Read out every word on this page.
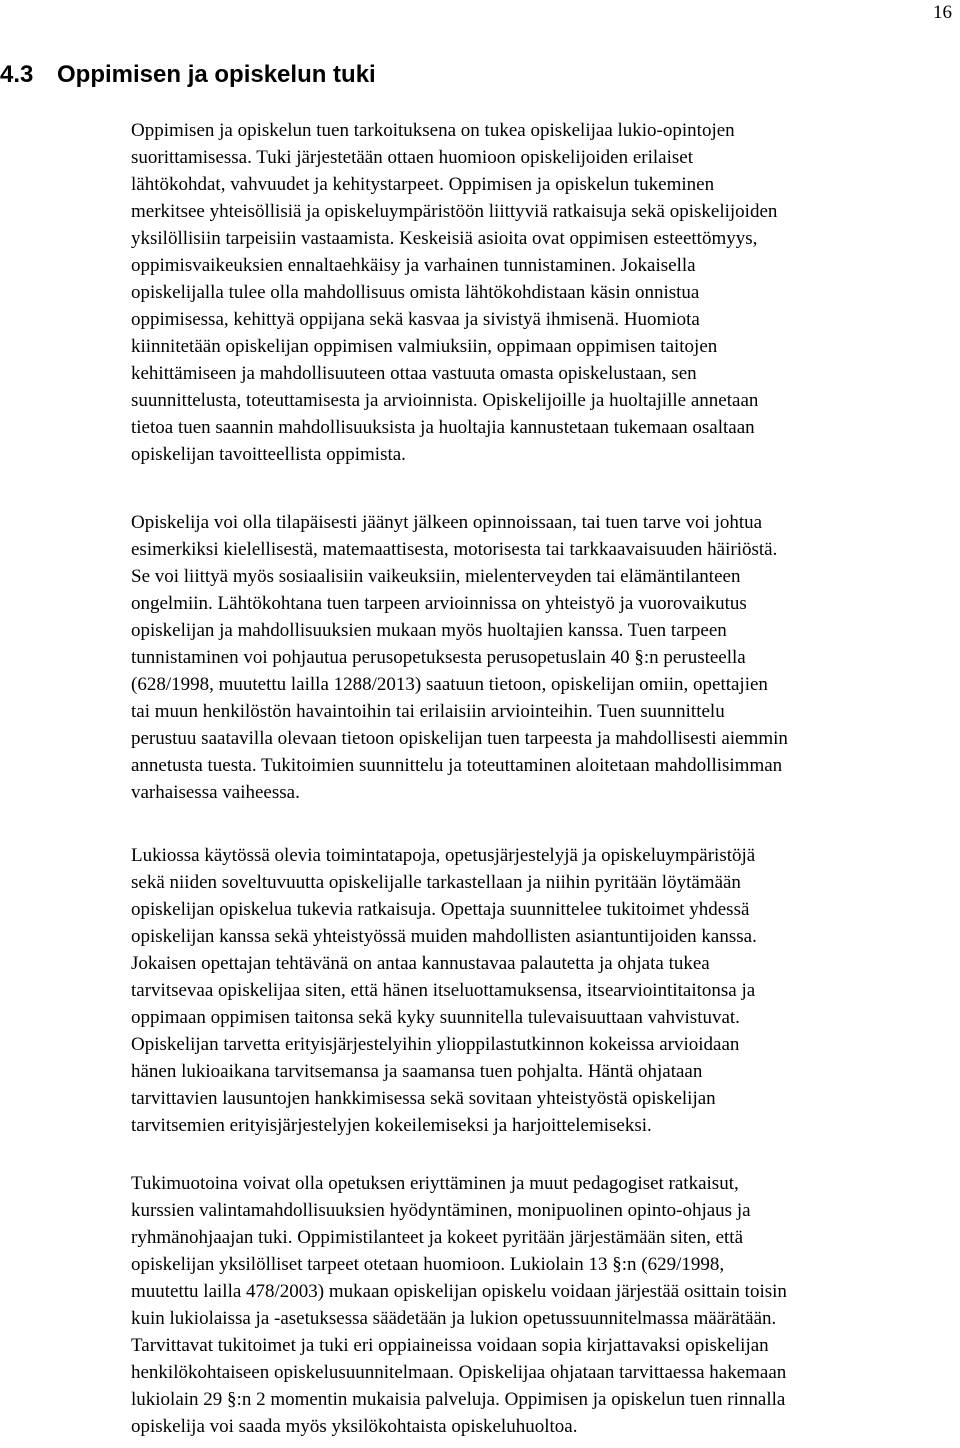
16
4.3 Oppimisen ja opiskelun tuki

Oppimisen ja opiskelun tuen tarkoituksena on tukea opiskelijaa lukio-opintojen

suorittamisessa. Tuki järjestetään ottaen huomioon opiskelijoiden erilaiset

lähtökohdat, vahvuudet ja kehitystarpeet. Oppimisen ja opiskelun tukeminen

merkitsee yhteisöllisiä ja opiskeluympäristöön liittyviä ratkaisuja sekä opiskelijoiden

yksilöllisiin tarpeisiin vastaamista. Keskeisiä asioita ovat oppimisen esteettömyys,

oppimisvaikeuksien ennaltaehkäisy ja varhainen tunnistaminen. Jokaisella

opiskelijalla tulee olla mahdollisuus omista lähtökohdistaan käsin onnistua

oppimisessa, kehittyä oppijana sekä kasvaa ja sivistyä ihmisenä. Huomiota

kiinnitetään opiskelijan oppimisen valmiuksiin, oppimaan oppimisen taitojen

kehittämiseen ja mahdollisuuteen ottaa vastuuta omasta opiskelustaan, sen

suunnittelusta, toteuttamisesta ja arvioinnista. Opiskelijoille ja huoltajille annetaan

tietoa tuen saannin mahdollisuuksista ja huoltajia kannustetaan tukemaan osaltaan

opiskelijan tavoitteellista oppimista.

Opiskelija voi olla tilapäisesti jäänyt jälkeen opinnoissaan, tai tuen tarve voi johtua

esimerkiksi kielellisestä, matemaattisesta, motorisesta tai tarkkaavaisuuden häiriöstä.

Se voi liittyä myös sosiaalisiin vaikeuksiin, mielenterveyden tai elämäntilanteen

ongelmiin. Lähtökohtana tuen tarpeen arvioinnissa on yhteistyö ja vuorovaikutus

opiskelijan ja mahdollisuuksien mukaan myös huoltajien kanssa. Tuen tarpeen

tunnistaminen voi pohjautua perusopetuksesta perusopetuslain 40 §:n perusteella

(628/1998, muutettu lailla 1288/2013) saatuun tietoon, opiskelijan omiin, opettajien

tai muun henkilöstön havaintoihin tai erilaisiin arviointeihin. Tuen suunnittelu

perustuu saatavilla olevaan tietoon opiskelijan tuen tarpeesta ja mahdollisesti aiemmin

annetusta tuesta. Tukitoimien suunnittelu ja toteuttaminen aloitetaan mahdollisimman

varhaisessa vaiheessa.

Lukiossa käytössä olevia toimintatapoja, opetusjärjestelyjä ja opiskeluympäristöjä

sekä niiden soveltuvuutta opiskelijalle tarkastellaan ja niihin pyritään löytämään

opiskelijan opiskelua tukevia ratkaisuja. Opettaja suunnittelee tukitoimet yhdessä

opiskelijan kanssa sekä yhteistyössä muiden mahdollisten asiantuntijoiden kanssa.

Jokaisen opettajan tehtävänä on antaa kannustavaa palautetta ja ohjata tukea

tarvitsevaa opiskelijaa siten, että hänen itseluottamuksensa, itsearviointitaitonsa ja

oppimaan oppimisen taitonsa sekä kyky suunnitella tulevaisuuttaan vahvistuvat.

Opiskelijan tarvetta erityisjärjestelyihin ylioppilastutkinnon kokeissa arvioidaan

hänen lukioaikana tarvitsemansa ja saamansa tuen pohjalta. Häntä ohjataan

tarvittavien lausuntojen hankkimisessa sekä sovitaan yhteistyöstä opiskelijan

tarvitsemien erityisjärjestelyjen kokeilemiseksi ja harjoittelemiseksi.

Tukimuotoina voivat olla opetuksen eriyttäminen ja muut pedagogiset ratkaisut,

kurssien valintamahdollisuuksien hyödyntäminen, monipuolinen opinto-ohjaus ja

ryhmänohjaajan tuki. Oppimistilanteet ja kokeet pyritään järjestämään siten, että

opiskelijan yksilölliset tarpeet otetaan huomioon. Lukiolain 13 §:n (629/1998,

muutettu lailla 478/2003) mukaan opiskelijan opiskelu voidaan järjestää osittain toisin

kuin lukiolaissa ja -asetuksessa säädetään ja lukion opetussuunnitelmassa määrätään.

Tarvittavat tukitoimet ja tuki eri oppiaineissa voidaan sopia kirjattavaksi opiskelijan

henkilökohtaiseen opiskelusuunnitelmaan. Opiskelijaa ohjataan tarvittaessa hakemaan

lukiolain 29 §:n 2 momentin mukaisia palveluja. Oppimisen ja opiskelun tuen rinnalla

opiskelija voi saada myös yksilökohtaista opiskeluhuoltoa.
